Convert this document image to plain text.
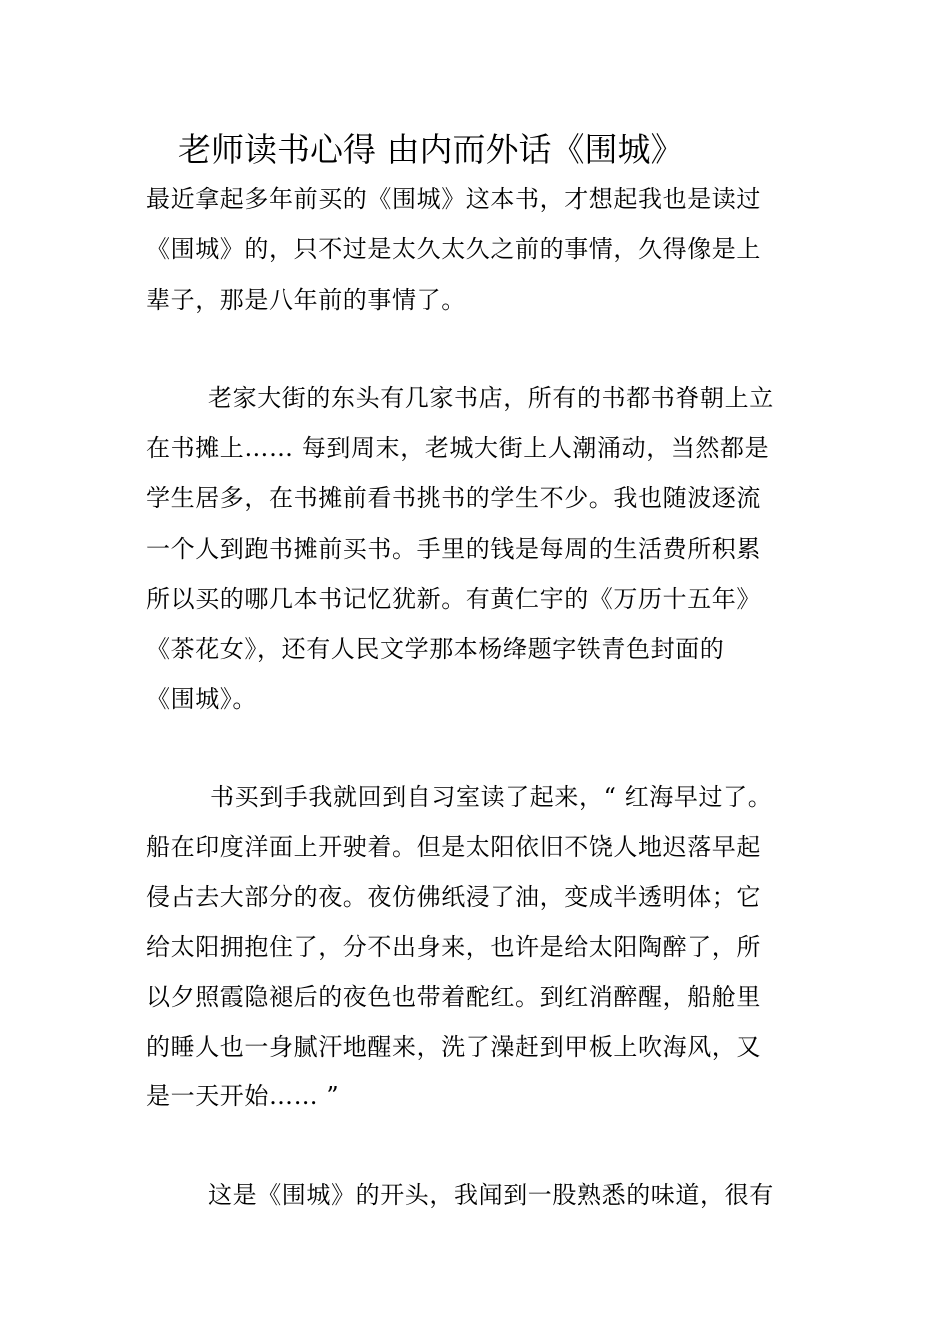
老师读书心得 由内而外话《围城》
最近拿起多年前买的《围城》这本书，才想起我也是读过
《围城》的，只不过是太久太久之前的事情，久得像是上
辈子，那是八年前的事情了。
老家大街的东头有几家书店，所有的书都书脊朝上立
在书摊上…… 每到周末，老城大街上人潮涌动，当然都是
学生居多，在书摊前看书挑书的学生不少。我也随波逐流
一个人到跑书摊前买书。手里的钱是每周的生活费所积累
所以买的哪几本书记忆犹新。有黄仁宇的《万历十五年》
《茶花女》，还有人民文学那本杨绛题字铁青色封面的
《围城》。
书买到手我就回到自习室读了起来，“ 红海早过了。
船在印度洋面上开驶着。但是太阳依旧不饶人地迟落早起
侵占去大部分的夜。夜仿佛纸浸了油，变成半透明体；它
给太阳拥抱住了，分不出身来，也许是给太阳陶醉了，所
以夕照霞隐褪后的夜色也带着酡红。到红消醉醒，船舱里
的睡人也一身腻汗地醒来，洗了澡赶到甲板上吹海风，又
是一天开始…… ”
这是《围城》的开头，我闻到一股熟悉的味道，很有
